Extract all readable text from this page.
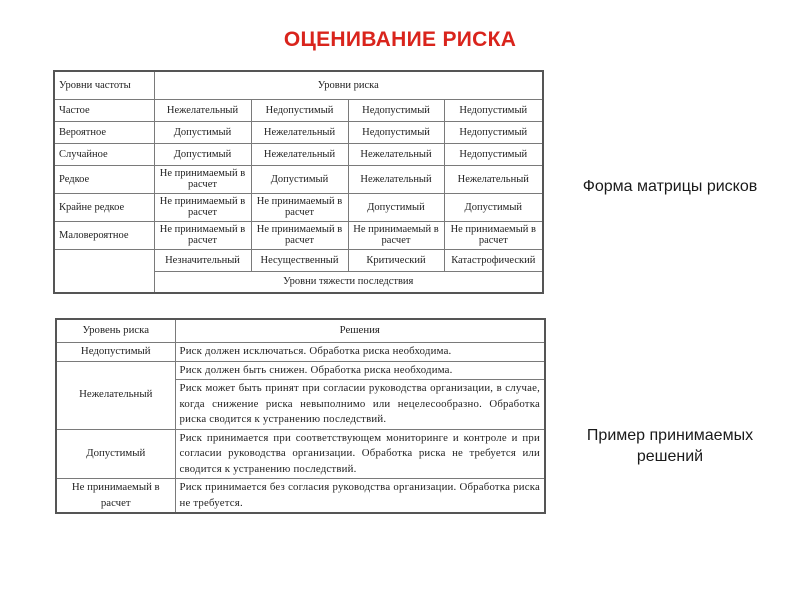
ОЦЕНИВАНИЕ РИСКА
Уровни частоты	Уровни риска			
Частое	Нежелательный	Недопустимый	Недопустимый	Недопустимый
Вероятное	Допустимый	Нежелательный	Недопустимый	Недопустимый
Случайное	Допустимый	Нежелательный	Нежелательный	Недопустимый
Редкое	Не принимаемый в расчет	Допустимый	Нежелательный	Нежелательный
Крайне редкое	Не принимаемый в расчет	Не принимаемый в расчет	Допустимый	Допустимый
Маловероятное	Не принимаемый в расчет	Не принимаемый в расчет	Не принимаемый в расчет	Не принимаемый в расчет
	Незначительный	Несущественный	Критический	Катастрофический
	Уровни тяжести последствия			
Форма матрицы рисков
Уровень риска	Решения
Недопустимый	Риск должен исключаться. Обработка риска необходима.
Нежелательный	Риск должен быть снижен. Обработка риска необходима.
	Риск может быть принят при согласии руководства организации, в случае, когда снижение риска невыполнимо или нецелесообразно. Обработка риска сводится к устранению последствий.
Допустимый	Риск принимается при соответствующем мониторинге и контроле и при согласии руководства организации. Обработка риска не требуется или сводится к устранению последствий.
Не принимаемый в расчет	Риск принимается без согласия руководства организации. Обработка риска не требуется.
Пример принимаемых решений
